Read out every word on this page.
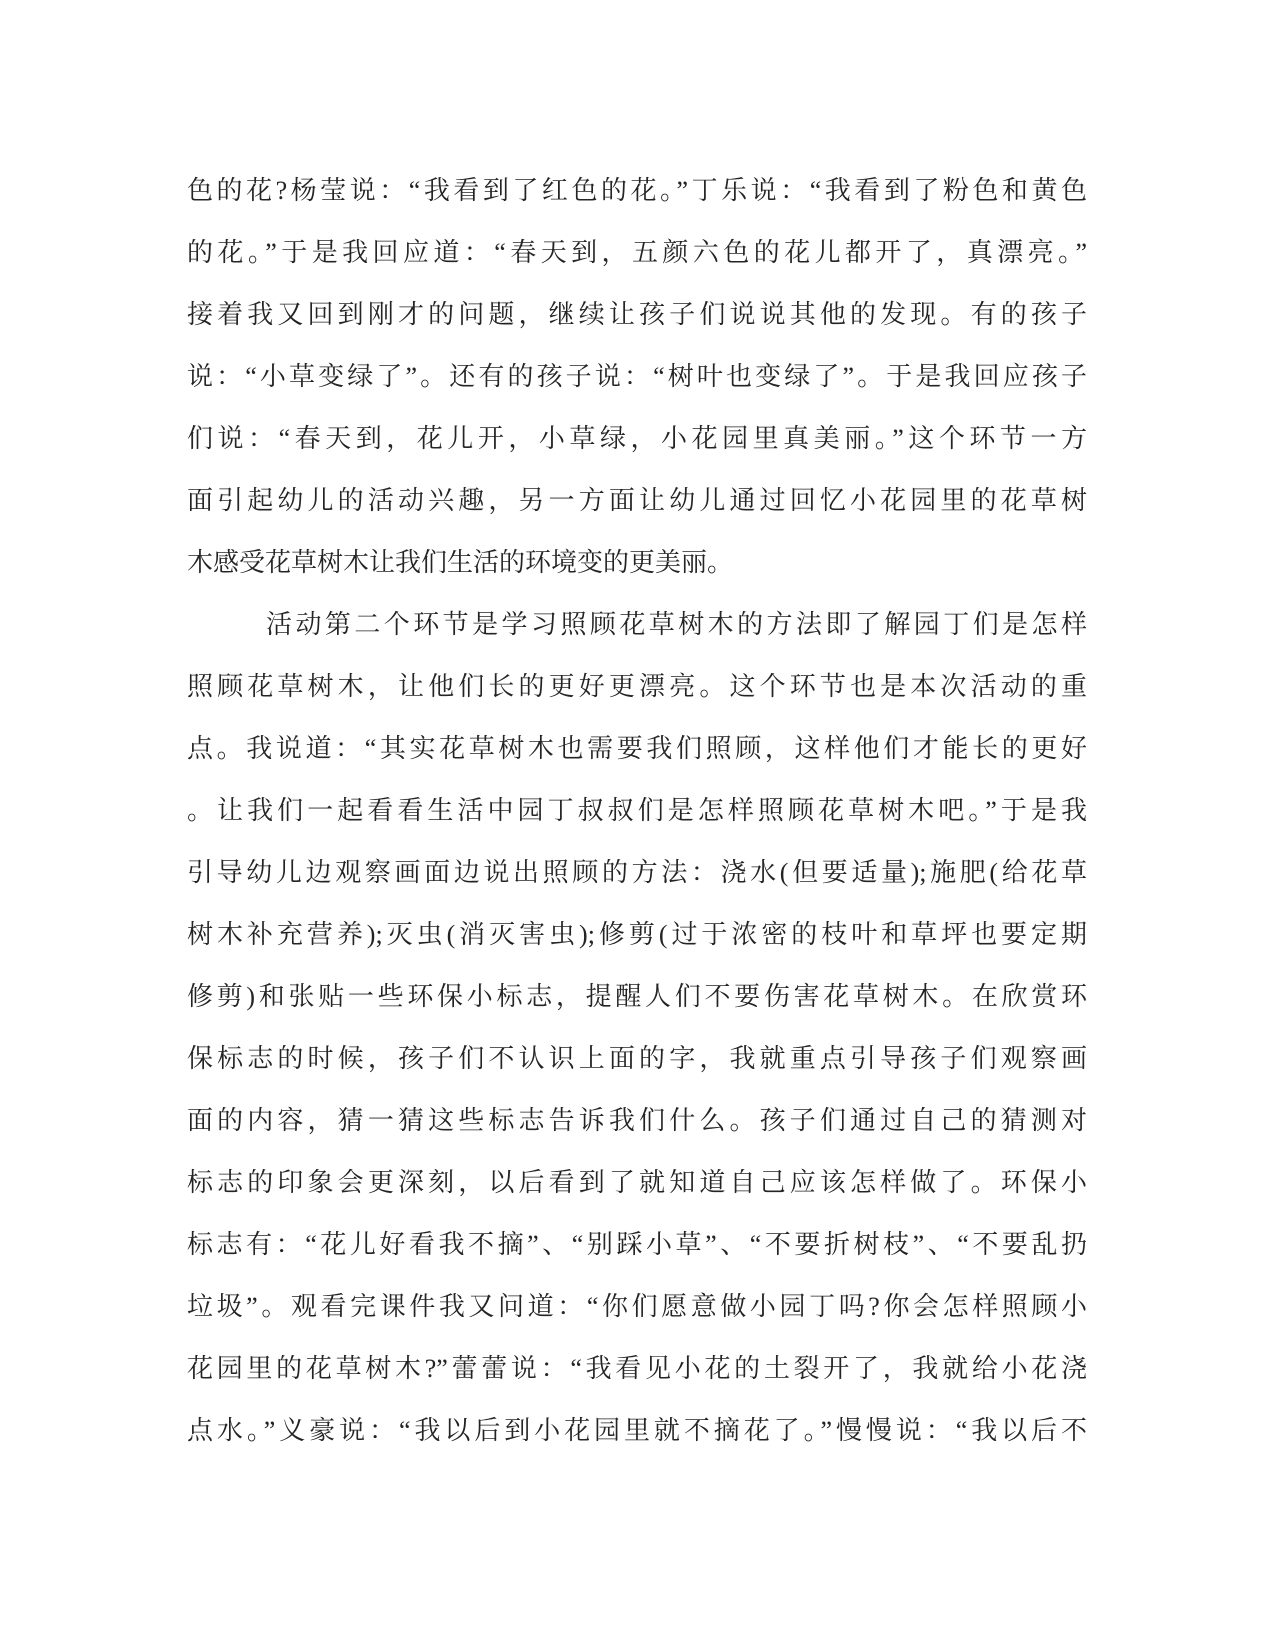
色的花?杨莹说：“我看到了红色的花。”丁乐说：“我看到了粉色和黄色
的花。”于是我回应道：“春天到，五颜六色的花儿都开了，真漂亮。”
接着我又回到刚才的问题，继续让孩子们说说其他的发现。有的孩子
说：“小草变绿了”。还有的孩子说：“树叶也变绿了”。于是我回应孩子
们说：“春天到，花儿开，小草绿，小花园里真美丽。”这个环节一方
面引起幼儿的活动兴趣，另一方面让幼儿通过回忆小花园里的花草树
木感受花草树木让我们生活的环境变的更美丽。
活动第二个环节是学习照顾花草树木的方法即了解园丁们是怎样
照顾花草树木，让他们长的更好更漂亮。这个环节也是本次活动的重
点。我说道：“其实花草树木也需要我们照顾，这样他们才能长的更好
。让我们一起看看生活中园丁叔叔们是怎样照顾花草树木吧。”于是我
引导幼儿边观察画面边说出照顾的方法：浇水(但要适量);施肥(给花草
树木补充营养);灭虫(消灭害虫);修剪(过于浓密的枝叶和草坪也要定期
修剪)和张贴一些环保小标志，提醒人们不要伤害花草树木。在欣赏环
保标志的时候，孩子们不认识上面的字，我就重点引导孩子们观察画
面的内容，猜一猜这些标志告诉我们什么。孩子们通过自己的猜测对
标志的印象会更深刻，以后看到了就知道自己应该怎样做了。环保小
标志有：“花儿好看我不摘”、“别踩小草”、“不要折树枝”、“不要乱扔
垃圾”。观看完课件我又问道：“你们愿意做小园丁吗?你会怎样照顾小
花园里的花草树木?”蕾蕾说：“我看见小花的土裂开了，我就给小花浇
点水。”义豪说：“我以后到小花园里就不摘花了。”慢慢说：“我以后不
